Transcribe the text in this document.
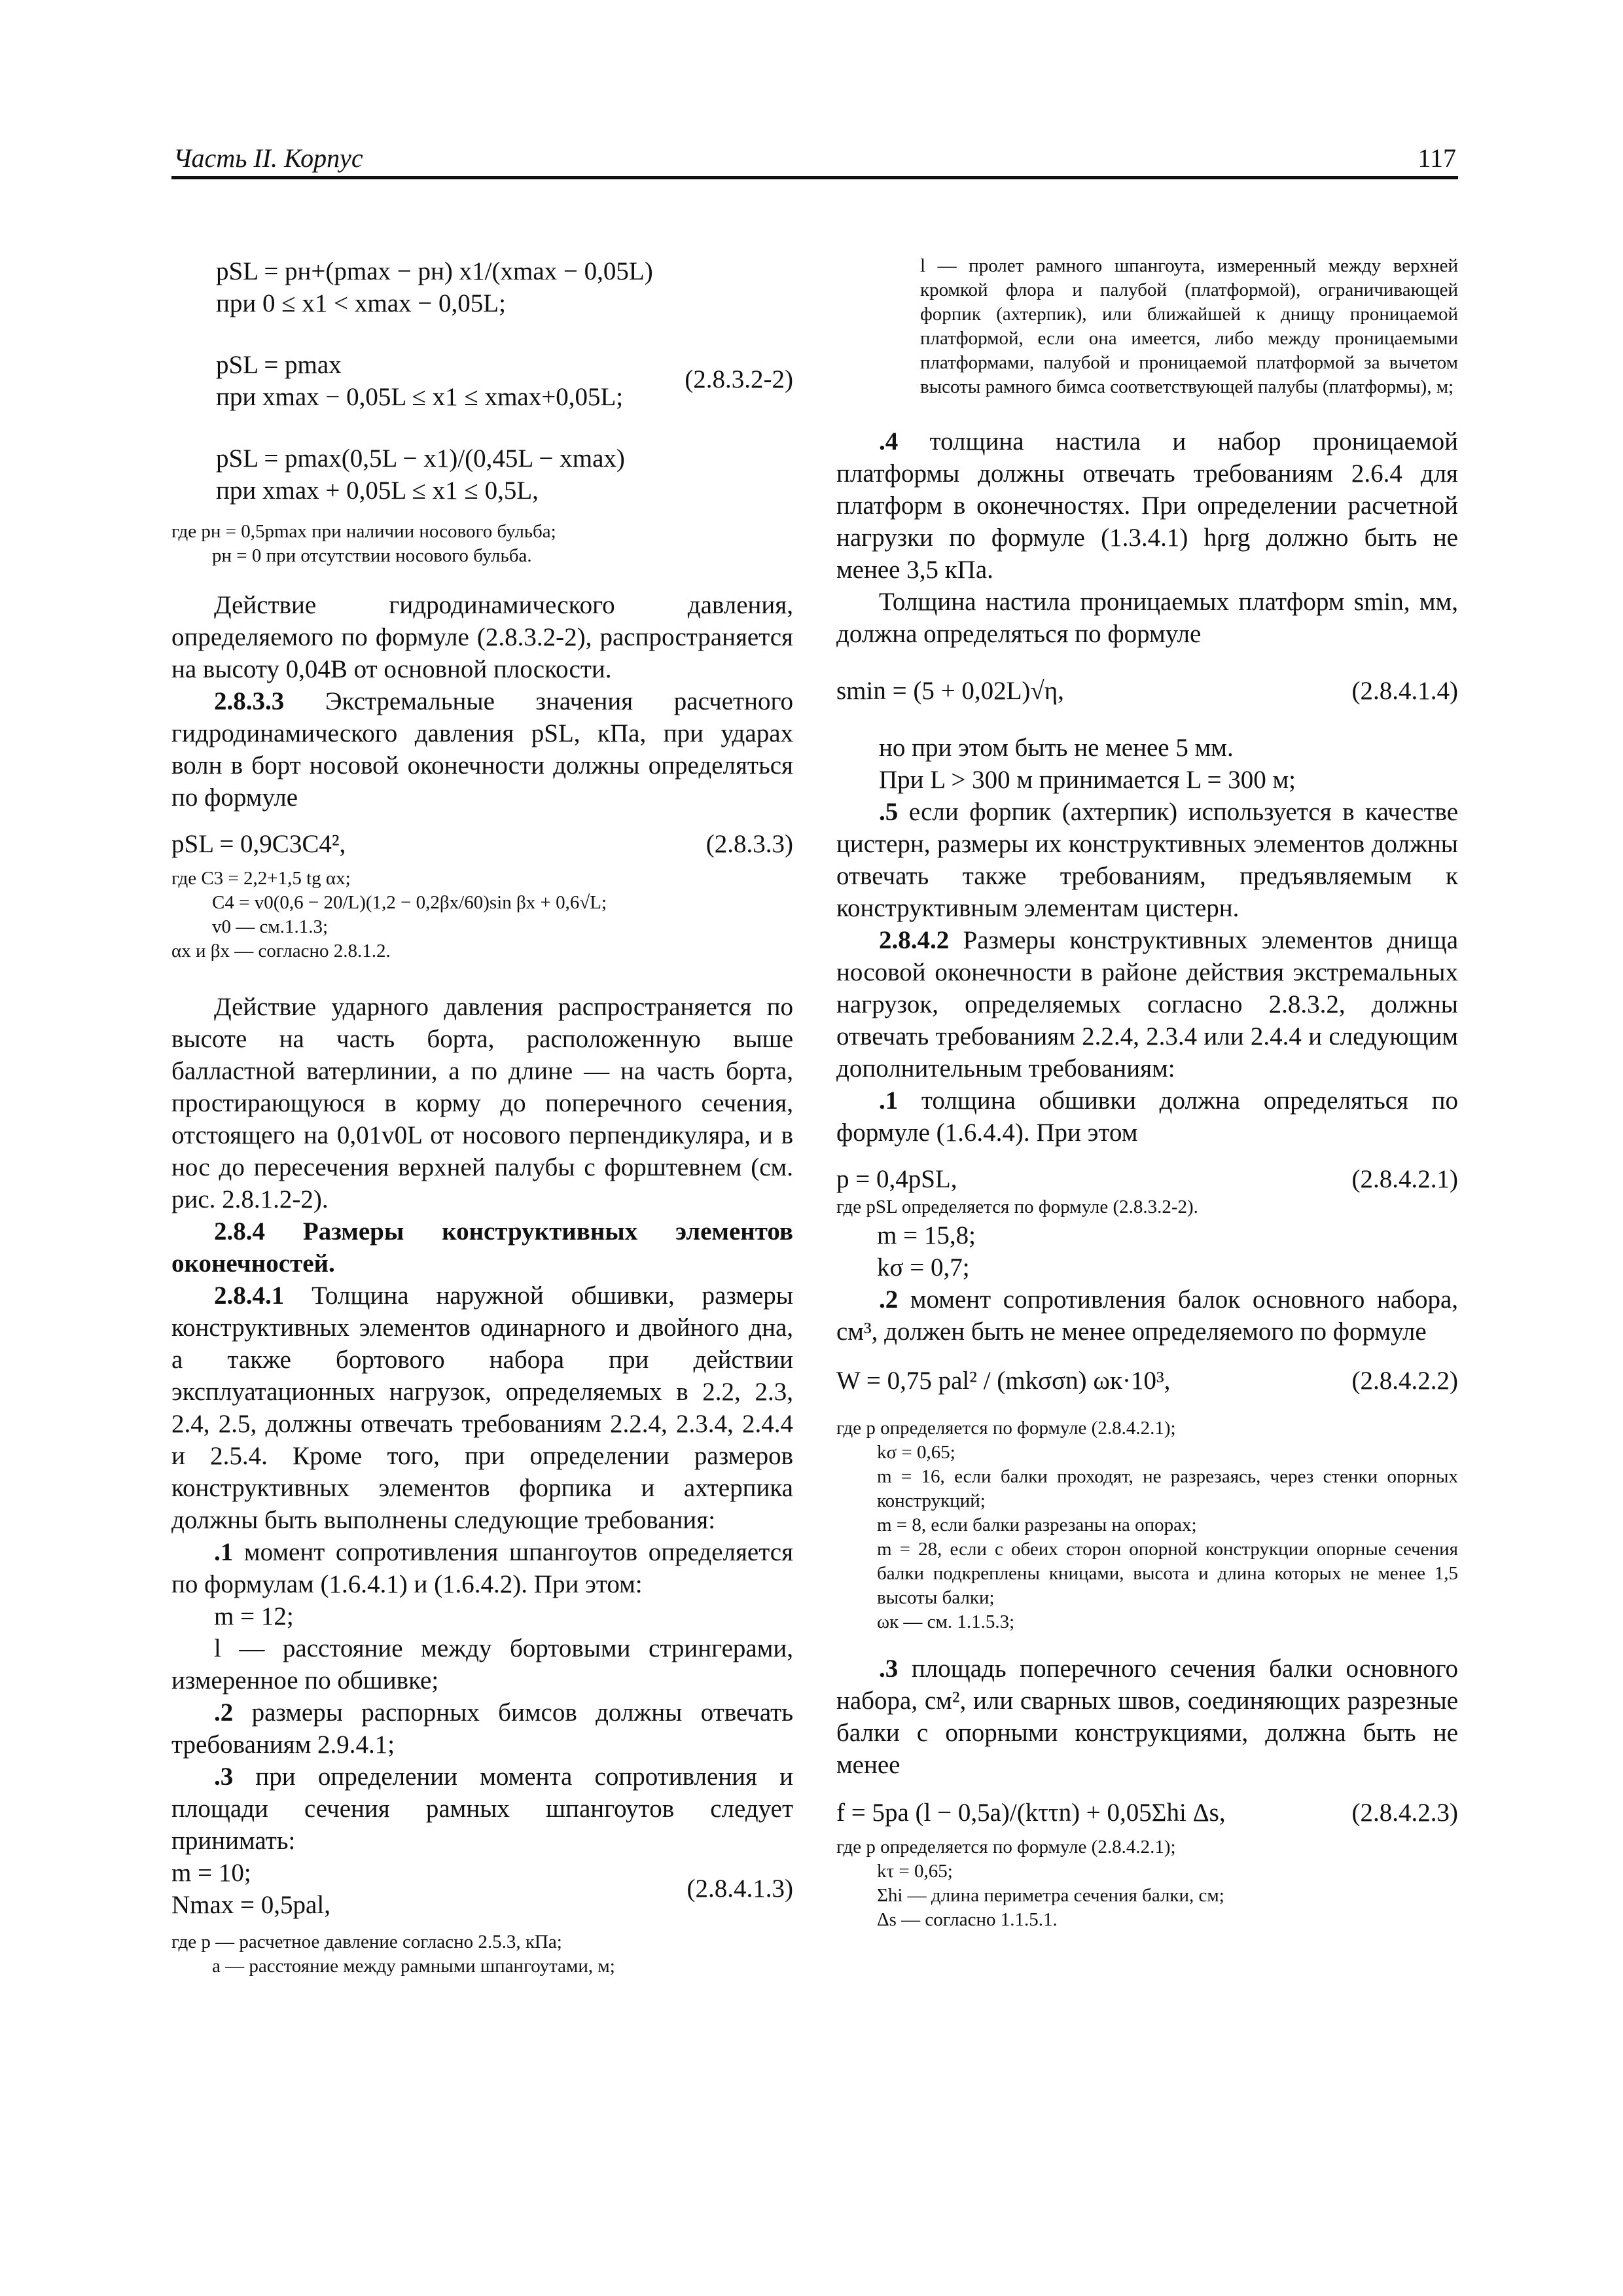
Часть II. Корпус	117
pSL = pн+(pmax − pн) x1/(xmax − 0,05L)
при 0 ≤ x1 < xmax − 0,05L;
pSL = pmax
при xmax − 0,05L ≤ x1 ≤ xmax+0,05L;
(2.8.3.2-2)
pSL = pmax(0,5L − x1)/(0,45L − xmax)
при xmax + 0,05L ≤ x1 ≤ 0,5L,

где pн = 0,5pmax при наличии носового бульба;

pн = 0 при отсутствии носового бульба.

Действие гидродинамического давления, определяемого по формуле (2.8.3.2-2), распространяется на высоту 0,04B от основной плоскости.

2.8.3.3 Экстремальные значения расчетного гидродинамического давления pSL, кПа, при ударах волн в борт носовой оконечности должны определяться по формуле

pSL = 0,9C3C4²,	(2.8.3.3)

где C3 = 2,2+1,5 tg αx;

C4 = v0(0,6 − 20/L)(1,2 − 0,2βx/60)sin βx + 0,6√L;

v0 — см.1.1.3;

αx и βx — согласно 2.8.1.2.

Действие ударного давления распространяется по высоте на часть борта, расположенную выше балластной ватерлинии, а по длине — на часть борта, простирающуюся в корму до поперечного сечения, отстоящего на 0,01v0L от носового перпендикуляра, и в нос до пересечения верхней палубы с форштевнем (см. рис. 2.8.1.2-2).

2.8.4 Размеры конструктивных элементов оконечностей.

2.8.4.1 Толщина наружной обшивки, размеры конструктивных элементов одинарного и двойного дна, а также бортового набора при действии эксплуатационных нагрузок, определяемых в 2.2, 2.3, 2.4, 2.5, должны отвечать требованиям 2.2.4, 2.3.4, 2.4.4 и 2.5.4. Кроме того, при определении размеров конструктивных элементов форпика и ахтерпика должны быть выполнены следующие требования:

.1 момент сопротивления шпангоутов определяется по формулам (1.6.4.1) и (1.6.4.2). При этом:

m = 12;

l — расстояние между бортовыми стрингерами, измеренное по обшивке;

.2 размеры распорных бимсов должны отвечать требованиям 2.9.4.1;

.3 при определении момента сопротивления и площади сечения рамных шпангоутов следует принимать:

m = 10;
Nmax = 0,5pal,
(2.8.4.1.3)

где p — расчетное давление согласно 2.5.3, кПа;

a — расстояние между рамными шпангоутами, м;

l — пролет рамного шпангоута, измеренный между верхней кромкой флора и палубой (платформой), ограничивающей форпик (ахтерпик), или ближайшей к днищу проницаемой платформой, если она имеется, либо между проницаемыми платформами, палубой и проницаемой платформой за вычетом высоты рамного бимса соответствующей палубы (платформы), м;

.4 толщина настила и набор проницаемой платформы должны отвечать требованиям 2.6.4 для платформ в оконечностях. При определении расчетной нагрузки по формуле (1.3.4.1) hρrg должно быть не менее 3,5 кПа.

Толщина настила проницаемых платформ smin, мм, должна определяться по формуле

smin = (5 + 0,02L)√η,	(2.8.4.1.4)

но при этом быть не менее 5 мм.

При L > 300 м принимается L = 300 м;

.5 если форпик (ахтерпик) используется в качестве цистерн, размеры их конструктивных элементов должны отвечать также требованиям, предъявляемым к конструктивным элементам цистерн.

2.8.4.2 Размеры конструктивных элементов днища носовой оконечности в районе действия экстремальных нагрузок, определяемых согласно 2.8.3.2, должны отвечать требованиям 2.2.4, 2.3.4 или 2.4.4 и следующим дополнительным требованиям:

.1 толщина обшивки должна определяться по формуле (1.6.4.4). При этом

p = 0,4pSL,	(2.8.4.2.1)

где pSL определяется по формуле (2.8.3.2-2).

m = 15,8;
kσ = 0,7;

.2 момент сопротивления балок основного набора, см³, должен быть не менее определяемого по формуле

W = 0,75 pal² / (mkσσn) ωк·10³,	(2.8.4.2.2)

где p определяется по формуле (2.8.4.2.1);

kσ = 0,65;

m = 16, если балки проходят, не разрезаясь, через стенки опорных конструкций;

m = 8, если балки разрезаны на опорах;

m = 28, если с обеих сторон опорной конструкции опорные сечения балки подкреплены кницами, высота и длина которых не менее 1,5 высоты балки;

ωк — см. 1.1.5.3;

.3 площадь поперечного сечения балки основного набора, см², или сварных швов, соединяющих разрезные балки с опорными конструкциями, должна быть не менее

f = 5pa (l − 0,5a)/(kττn) + 0,05Σhi Δs,	(2.8.4.2.3)

где p определяется по формуле (2.8.4.2.1);

kτ = 0,65;

Σhi — длина периметра сечения балки, см;

Δs — согласно 1.1.5.1.
